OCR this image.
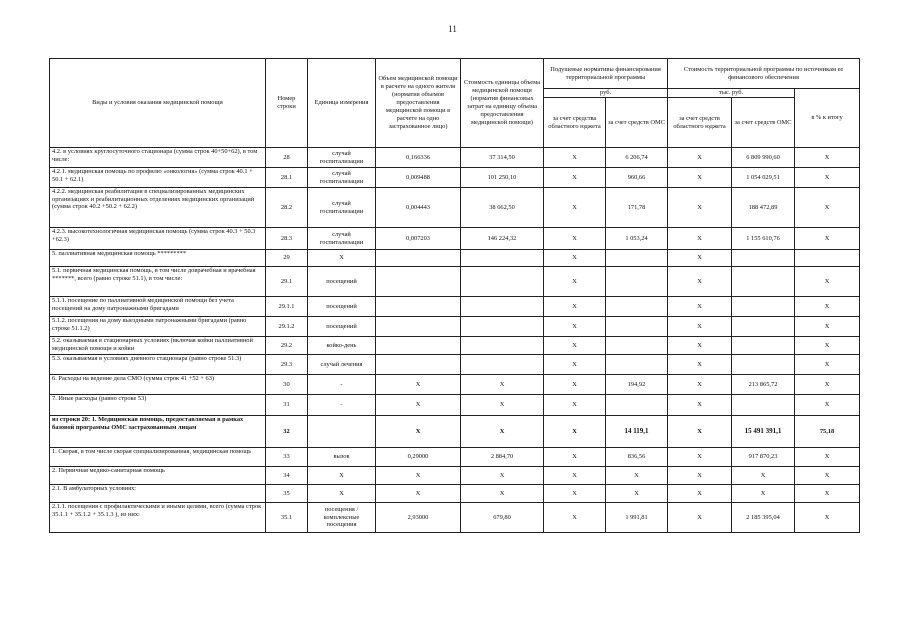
11
Виды и условия оказания медицинской помощи	Номер строки	Единица измерения	Объем медицинской помощи в расчете на одного жителя (норматив объемов предоставления медицинской помощи в расчете на одно застрахованное лицо)	Стоимость единицы объема медицинской помощи (норматив финансовых затрат на единицу объема предоставления медицинской помощи)	Подушевые нормативы финансирования территориальной программы		Стоимость территориальной программы по источникам ее финансового обеспечения		
					руб.		тыс. руб.		в % к итогу
					за счет средства областного юджета	за счет средств ОМС	за счет средств областного юджета	за счет средств ОМС	
4.2. в условиях круглосуточного стационара (сумма строк 40+50+62), в том числе:	28	случай госпитализации	0,166336	37 314,50	X	6 206,74	X	6 809 990,60	X
4.2.1. медицинская помощь по профилю «онкология» (сумма строк 40.1 + 50.1 + 62.1)	28.1	случай госпитализации	0,009488	101 250,10	X	960,66	X	1 054 029,51	X
4.2.2. медицинская реабилитация в специализированных медицинских организациях и реабилитационных отделениях медицинских организаций (сумма строк 40.2 +50.2 + 62.2)	28.2	случай госпитализации	0,004443	38 662,50	X	171,78	X	188 472,89	X
4.2.3. высокотехнологичная медицинская помощь (сумма строк 40.3 + 50.3 +62.3)	28.3	случай госпитализации	0,007203	146 224,32	X	1 053,24	X	1 155 610,76	X
5. паллиативная медицинская помощь *********	29	X			X		X		
5.1. первичная медицинская помощь, в том числе доврачебная и врачебная *******, всего (равно строке 51.1), в том числе:	29.1	посещений			X		X		X
5.1.1. посещение по паллиативной медицинской помощи без учета посещений на дому патронажными бригадами	29.1.1	посещений			X		X		X
5.1.2. посещения на дому выездными патронажными бригадами (равно строке 51.1.2)	29.1.2	посещений			X		X		X
5.2. оказываемая в стационарных условиях (включая койки паллиативной медицинской помощи и койки	29.2	койко-день			X		X		X
5.3. оказываемая в условиях дневного стационара (равно строке 51.3)	29.3	случай лечения			X		X		X
6. Расходы на ведение дела СМО (сумма строк 41 +52 + 63)	30	-	X	X	X	194,92	X	213 865,72	X
7. Иные расходы (равно строке 53)	31	-	X	X	X		X		X
из строки 20: 1. Медицинская помощь, предоставляемая в рамках базовой программы ОМС застрахованным лицам	32		X	X	X	14 119,1	X	15 491 391,1	75,18
1. Скорая, в том числе скорая специализированная, медицинская помощь	33	вызов	0,29000	2 884,70	X	836,56	X	917 870,23	X
2. Первичная медико-санитарная помощь	34	X	X	X	X	X	X	X	X
2.1. В амбулаторных условиях:	35	X	X	X	X	X	X	X	X
2.1.1. посещения с профилактическими и иными целями, всего (сумма строк 35.1.1 + 35.1.2 + 35.1.3 ), из них:	35.1	посещения / комплексные посещения	2,93000	679,80	X	1 991,81	X	2 185 395,04	X
